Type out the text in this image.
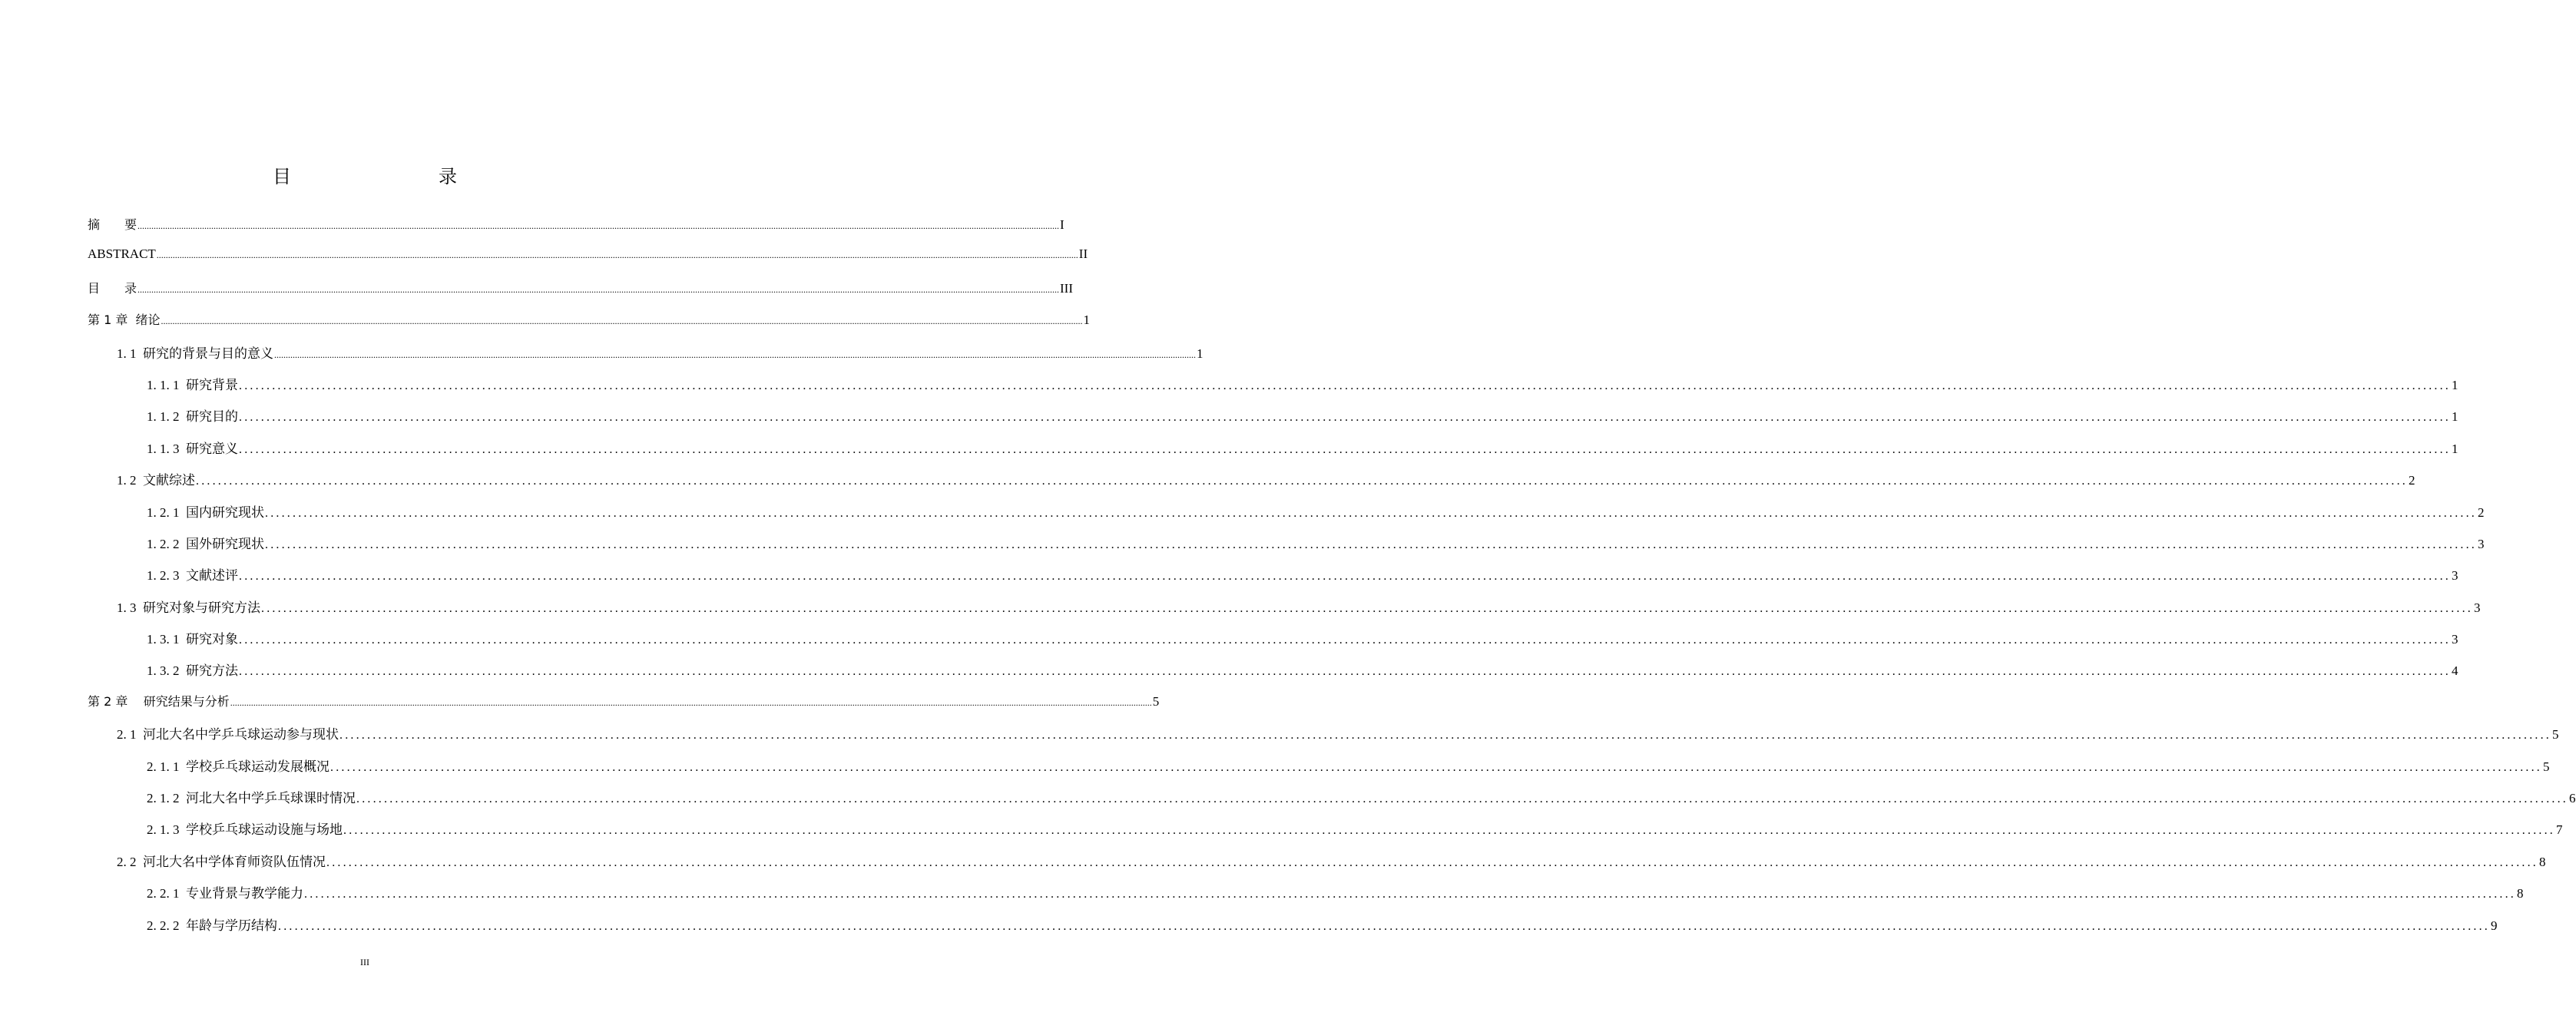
目　　录
摘　　要 ................................................................................................................................................................................................................................................................................................................................................................................................................ I
ABSTRACT ................................................................................................................................................................................................................................................................................................................................................................................................................ II
目　　录 ................................................................................................................................................................................................................................................................................................................................................................................................................ III
第 1 章  绪论 ................................................................................................................................................................................................................................................................................................................................................................................................................ 1
1. 1  研究的背景与目的意义 ................................................................................................................................................................................................................................................................................................................................................................................................................ 1
1. 1. 1  研究背景 ................................................................................................................................................................................................................................................................................................................................................................................................................ 1
1. 1. 2  研究目的 ................................................................................................................................................................................................................................................................................................................................................................................................................ 1
1. 1. 3  研究意义 ................................................................................................................................................................................................................................................................................................................................................................................................................ 1
1. 2  文献综述 ................................................................................................................................................................................................................................................................................................................................................................................................................ 2
1. 2. 1  国内研究现状 ................................................................................................................................................................................................................................................................................................................................................................................................................ 2
1. 2. 2  国外研究现状 ................................................................................................................................................................................................................................................................................................................................................................................................................ 3
1. 2. 3  文献述评 ................................................................................................................................................................................................................................................................................................................................................................................................................ 3
1. 3  研究对象与研究方法 ................................................................................................................................................................................................................................................................................................................................................................................................................ 3
1. 3. 1  研究对象 ................................................................................................................................................................................................................................................................................................................................................................................................................ 3
1. 3. 2  研究方法 ................................................................................................................................................................................................................................................................................................................................................................................................................ 4
第 2 章    研究结果与分析 ................................................................................................................................................................................................................................................................................................................................................................................................................ 5
2. 1  河北大名中学乒乓球运动参与现状 ................................................................................................................................................................................................................................................................................................................................................................................................................ 5
2. 1. 1  学校乒乓球运动发展概况 ................................................................................................................................................................................................................................................................................................................................................................................................................ 5
2. 1. 2  河北大名中学乒乓球课时情况 ................................................................................................................................................................................................................................................................................................................................................................................................................ 6
2. 1. 3  学校乒乓球运动设施与场地 ................................................................................................................................................................................................................................................................................................................................................................................................................ 7
2. 2  河北大名中学体育师资队伍情况 ................................................................................................................................................................................................................................................................................................................................................................................................................ 8
2. 2. 1  专业背景与教学能力 ................................................................................................................................................................................................................................................................................................................................................................................................................ 8
2. 2. 2  年龄与学历结构 ................................................................................................................................................................................................................................................................................................................................................................................................................ 9
III
